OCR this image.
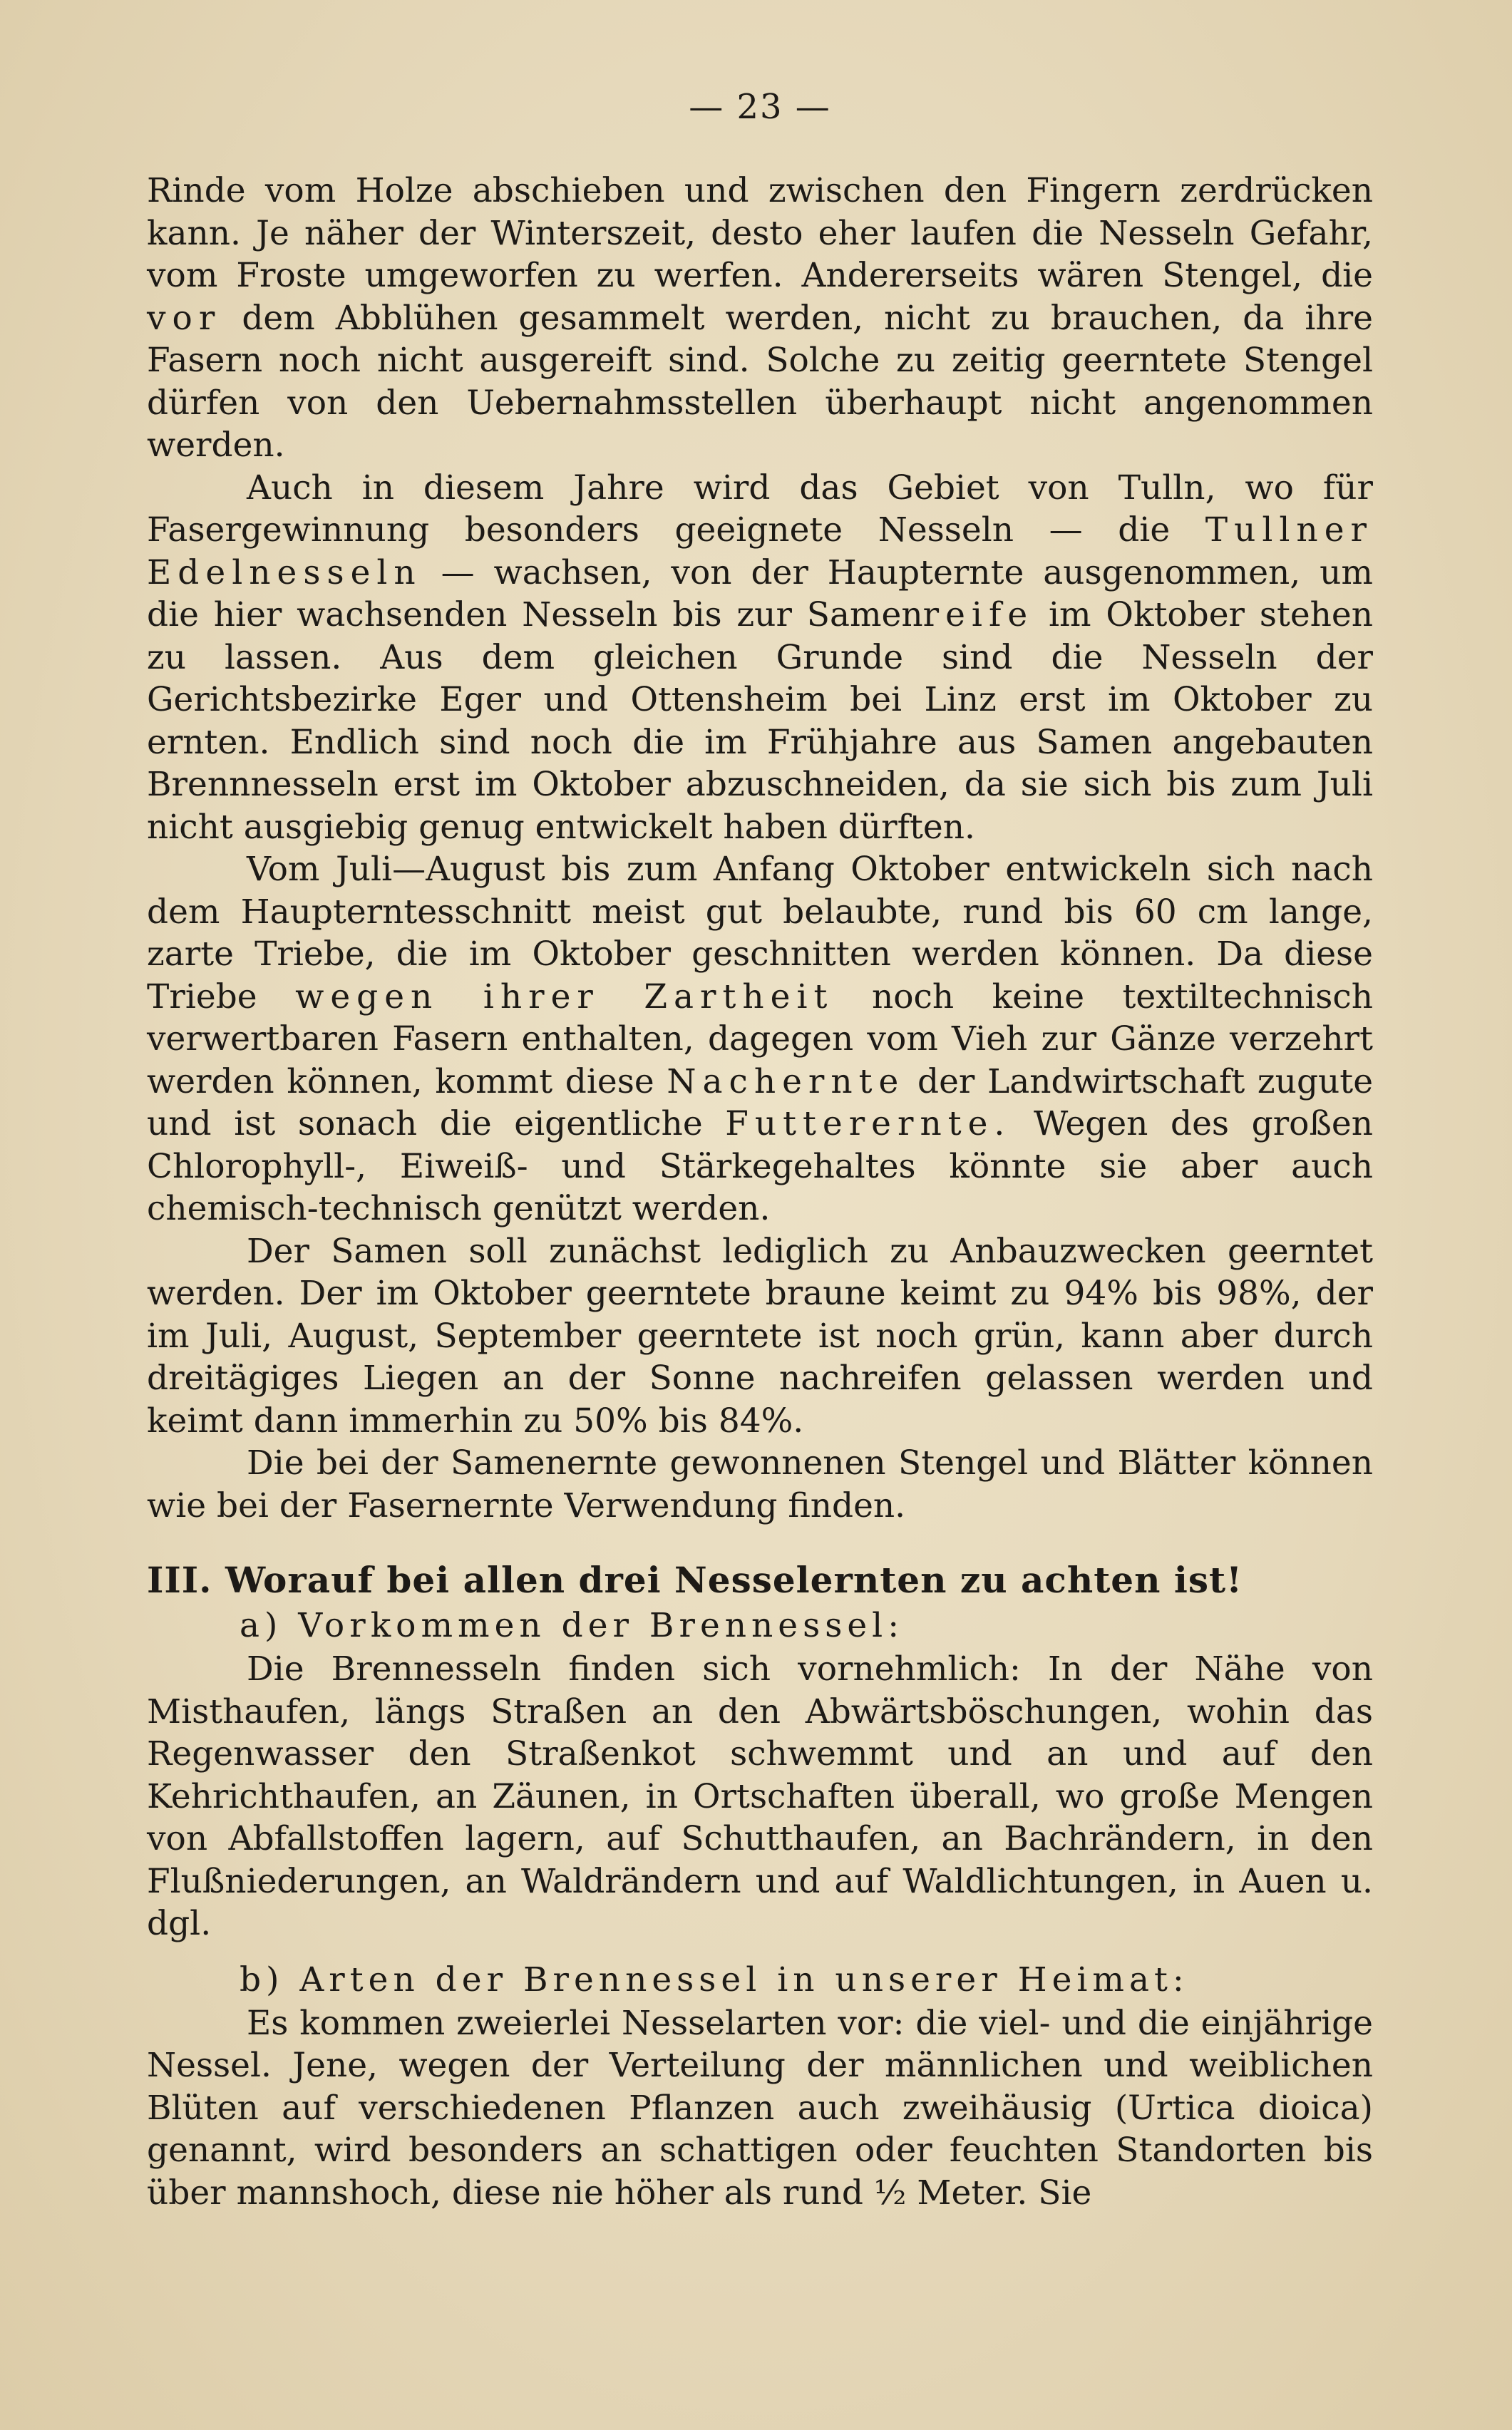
— 23 —

Rinde vom Holze abschieben und zwischen den Fingern zerdrücken kann. Je näher der Winterszeit, desto eher laufen die Nesseln Gefahr, vom Froste umgeworfen zu werfen. Andererseits wären Stengel, die vor dem Abblühen gesammelt werden, nicht zu brauchen, da ihre Fasern noch nicht ausgereift sind. Solche zu zeitig geerntete Stengel dürfen von den Uebernahmsstellen überhaupt nicht angenommen werden.

Auch in diesem Jahre wird das Gebiet von Tulln, wo für Fasergewinnung besonders geeignete Nesseln — die Tullner Edelnesseln — wachsen, von der Haupternte ausgenommen, um die hier wachsenden Nesseln bis zur Samenreife im Oktober stehen zu lassen. Aus dem gleichen Grunde sind die Nesseln der Gerichtsbezirke Eger und Ottensheim bei Linz erst im Oktober zu ernten. Endlich sind noch die im Frühjahre aus Samen angebauten Brennnesseln erst im Oktober abzuschneiden, da sie sich bis zum Juli nicht ausgiebig genug entwickelt haben dürften.

Vom Juli—August bis zum Anfang Oktober entwickeln sich nach dem Haupterntesschnitt meist gut belaubte, rund bis 60 cm lange, zarte Triebe, die im Oktober geschnitten werden können. Da diese Triebe wegen ihrer Zartheit noch keine textiltechnisch verwertbaren Fasern enthalten, dagegen vom Vieh zur Gänze verzehrt werden können, kommt diese Nachernte der Landwirtschaft zugute und ist sonach die eigentliche Futterernte. Wegen des großen Chlorophyll-, Eiweiß- und Stärkegehaltes könnte sie aber auch chemisch-technisch genützt werden.

Der Samen soll zunächst lediglich zu Anbauzwecken geerntet werden. Der im Oktober geerntete braune keimt zu 94% bis 98%, der im Juli, August, September geerntete ist noch grün, kann aber durch dreitägiges Liegen an der Sonne nachreifen gelassen werden und keimt dann immerhin zu 50% bis 84%.

Die bei der Samenernte gewonnenen Stengel und Blätter können wie bei der Fasernernte Verwendung finden.

III. Worauf bei allen drei Nesselernten zu achten ist!
a) Vorkommen der Brennessel:

Die Brennesseln finden sich vornehmlich: In der Nähe von Misthaufen, längs Straßen an den Abwärtsböschungen, wohin das Regenwasser den Straßenkot schwemmt und an und auf den Kehrichthaufen, an Zäunen, in Ortschaften überall, wo große Mengen von Abfallstoffen lagern, auf Schutthaufen, an Bachrändern, in den Flußniederungen, an Waldrändern und auf Waldlichtungen, in Auen u. dgl.

b) Arten der Brennessel in unserer Heimat:

Es kommen zweierlei Nesselarten vor: die viel- und die einjährige Nessel. Jene, wegen der Verteilung der männlichen und weiblichen Blüten auf verschiedenen Pflanzen auch zweihäusig (Urtica dioica) genannt, wird besonders an schattigen oder feuchten Standorten bis über mannshoch, diese nie höher als rund ½ Meter. Sie
